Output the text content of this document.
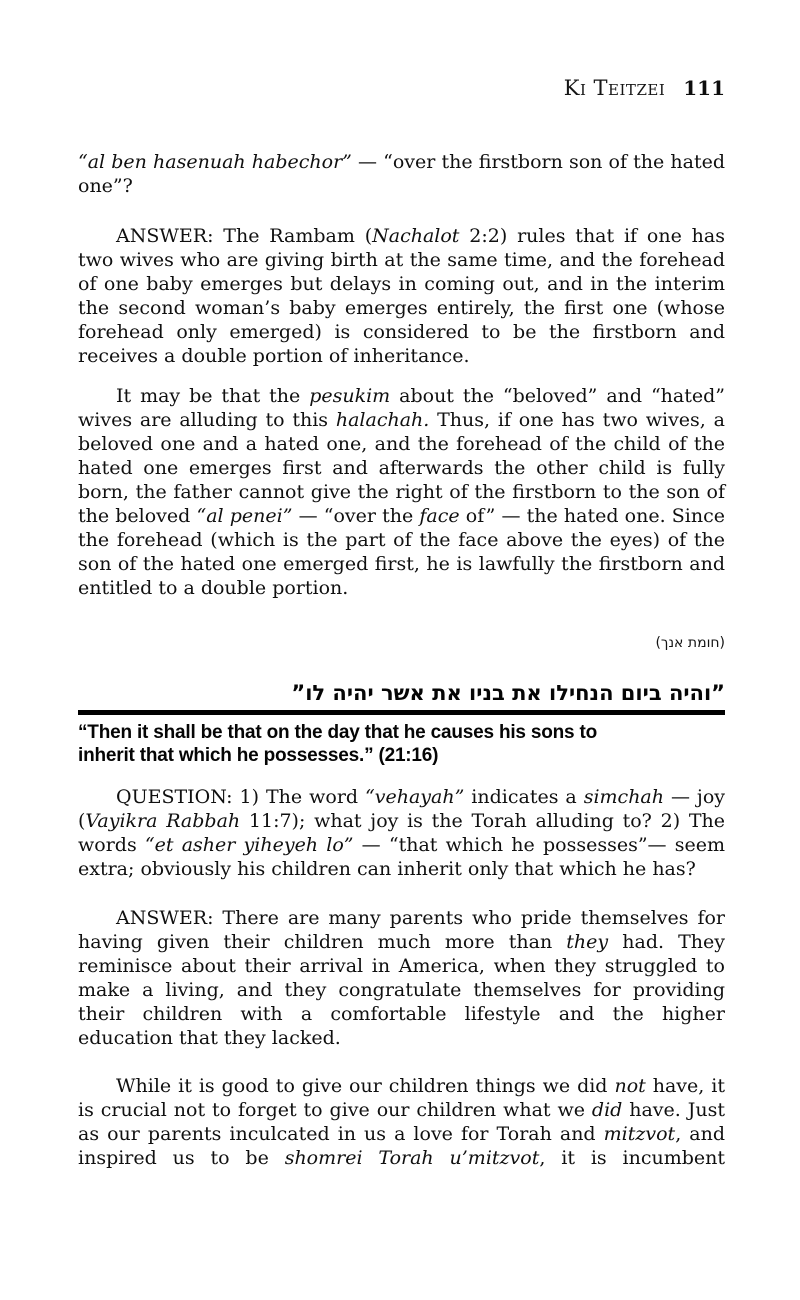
Ki Teitzei 111
“al ben hasenuah habechor” — “over the firstborn son of the hated one”?
ANSWER: The Rambam (Nachalot 2:2) rules that if one has two wives who are giving birth at the same time, and the forehead of one baby emerges but delays in coming out, and in the interim the second woman’s baby emerges entirely, the first one (whose forehead only emerged) is considered to be the firstborn and receives a double portion of inheritance.
It may be that the pesukim about the “beloved” and “hated” wives are alluding to this halachah. Thus, if one has two wives, a beloved one and a hated one, and the forehead of the child of the hated one emerges first and afterwards the other child is fully born, the father cannot give the right of the firstborn to the son of the beloved “al penei” — “over the face of” — the hated one. Since the forehead (which is the part of the face above the eyes) of the son of the hated one emerged first, he is lawfully the firstborn and entitled to a double portion.
(חומת אנך)
”והיה ביום הנחילו את בניו את אשר יהיה לו”
“Then it shall be that on the day that he causes his sons to
inherit that which he possesses.” (21:16)
QUESTION: 1) The word “vehayah” indicates a simchah — joy (Vayikra Rabbah 11:7); what joy is the Torah alluding to? 2) The words “et asher yiheyeh lo” — “that which he possesses”— seem extra; obviously his children can inherit only that which he has?
ANSWER: There are many parents who pride themselves for having given their children much more than they had. They reminisce about their arrival in America, when they struggled to make a living, and they congratulate themselves for providing their children with a comfortable lifestyle and the higher education that they lacked.
While it is good to give our children things we did not have, it is crucial not to forget to give our children what we did have. Just as our parents inculcated in us a love for Torah and mitzvot, and inspired us to be shomrei Torah u’mitzvot, it is incumbent
